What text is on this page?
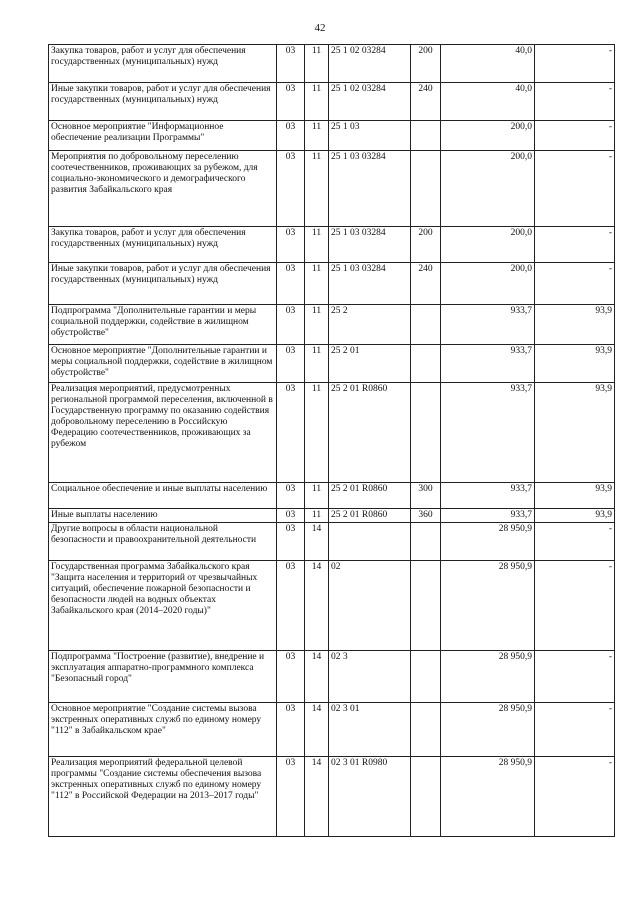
42
Закупка товаров, работ и услуг для обеспечения государственных (муниципальных) нужд	03	11	25 1 02 03284	200	40,0	-
Иные закупки товаров, работ и услуг для обеспечения государственных (муниципальных) нужд	03	11	25 1 02 03284	240	40,0	-
Основное мероприятие "Информационное обеспечение реализации Программы"	03	11	25 1 03		200,0	-
Мероприятия по добровольному переселению соотечественников, проживающих за рубежом, для социально-экономического и демографического развития Забайкальского края	03	11	25 1 03 03284		200,0	-
Закупка товаров, работ и услуг для обеспечения государственных (муниципальных) нужд	03	11	25 1 03 03284	200	200,0	-
Иные закупки товаров, работ и услуг для обеспечения государственных (муниципальных) нужд	03	11	25 1 03 03284	240	200,0	-
Подпрограмма "Дополнительные гарантии и меры социальной поддержки, содействие в жилищном обустройстве"	03	11	25 2		933,7	93,9
Основное мероприятие "Дополнительные гарантии и меры социальной поддержки, содействие в жилищном обустройстве"	03	11	25 2 01		933,7	93,9
Реализация мероприятий, предусмотренных региональной программой переселения, включенной в Государственную программу по оказанию содействия добровольному переселению в Российскую Федерацию соотечественников, проживающих за рубежом	03	11	25 2 01 R0860		933,7	93,9
Социальное обеспечение и иные выплаты населению	03	11	25 2 01 R0860	300	933,7	93,9
Иные выплаты населению	03	11	25 2 01 R0860	360	933,7	93,9
Другие вопросы в области национальной безопасности и правоохранительной деятельности	03	14			28 950,9	-
Государственная программа Забайкальского края "Защита населения и территорий от чрезвычайных ситуаций, обеспечение пожарной безопасности и безопасности людей на водных объектах Забайкальского края (2014–2020 годы)"	03	14	02		28 950,9	-
Подпрограмма "Построение (развитие), внедрение и эксплуатация аппаратно-программного комплекса "Безопасный город"	03	14	02 3		28 950,9	-
Основное мероприятие "Создание системы вызова экстренных оперативных служб по единому номеру "112" в Забайкальском крае"	03	14	02 3 01		28 950,9	-
Реализация мероприятий федеральной целевой программы "Создание системы обеспечения вызова экстренных оперативных служб по единому номеру "112" в Российской Федерации на 2013–2017 годы"	03	14	02 3 01 R0980		28 950,9	-
